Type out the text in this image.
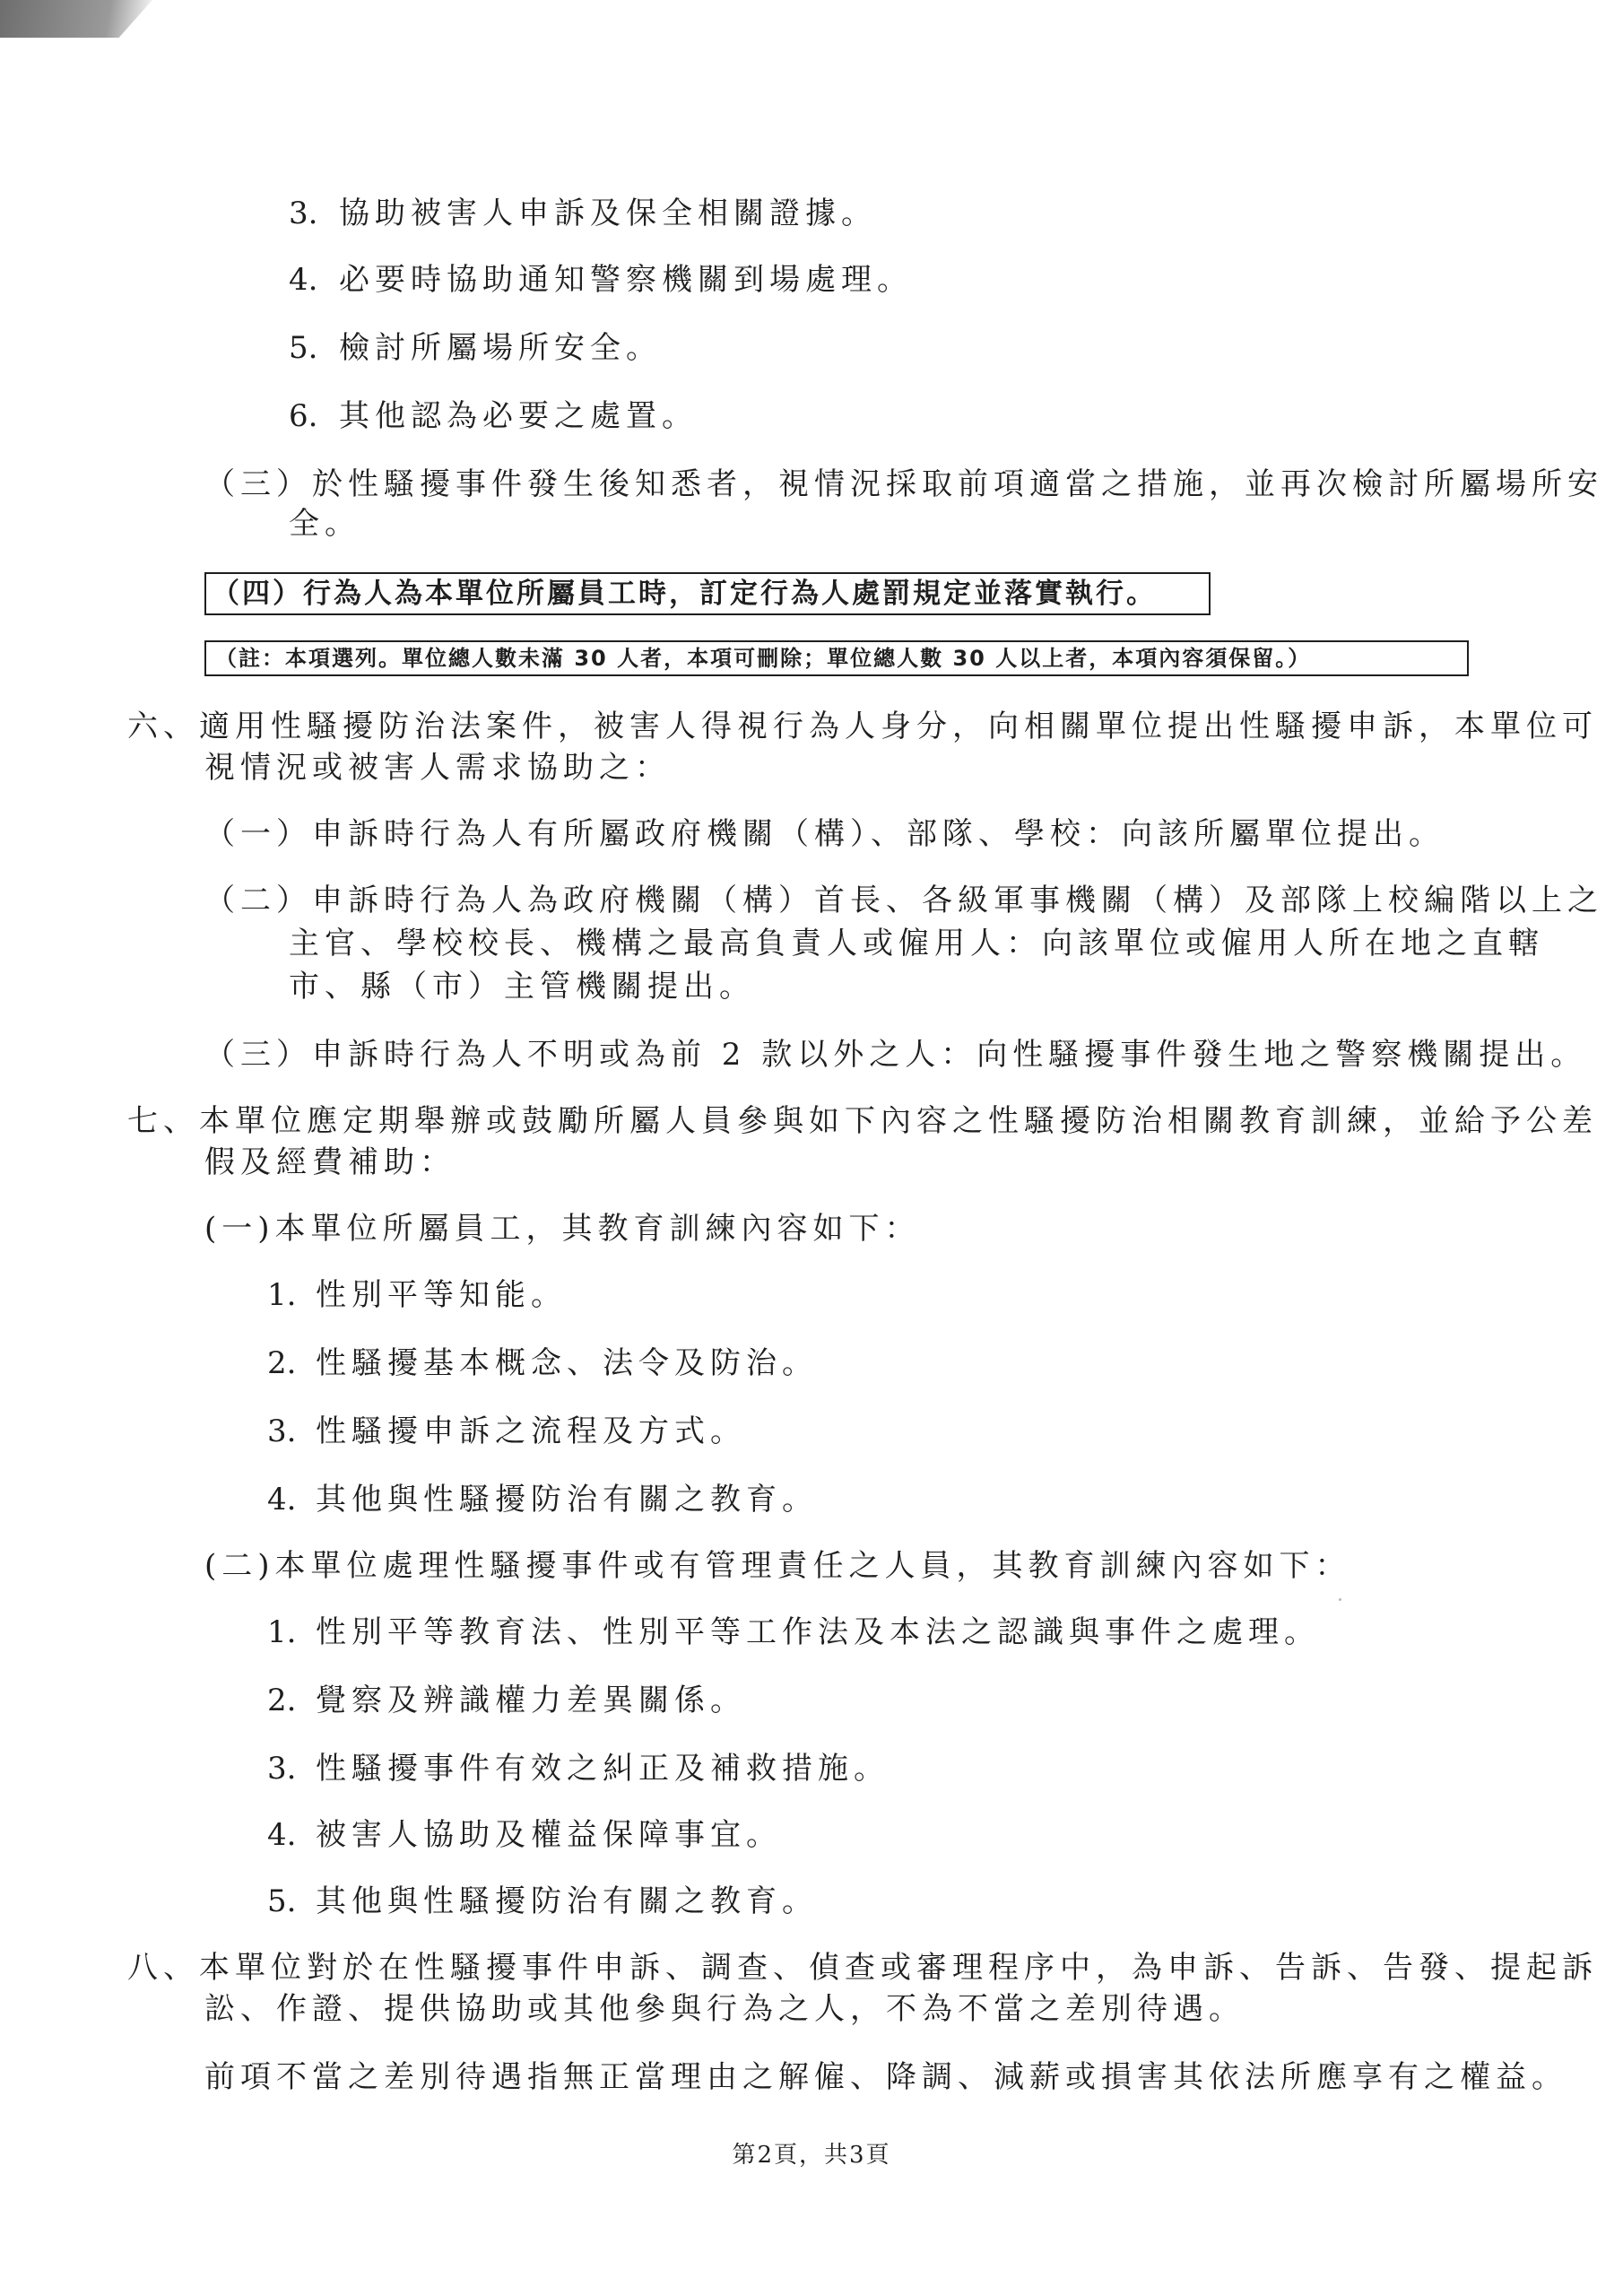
3. 協助被害人申訴及保全相關證據。
4. 必要時協助通知警察機關到場處理。
5. 檢討所屬場所安全。
6. 其他認為必要之處置。
（三）於性騷擾事件發生後知悉者，視情況採取前項適當之措施，並再次檢討所屬場所安
全。
（四）行為人為本單位所屬員工時，訂定行為人處罰規定並落實執行。
（註：本項選列。單位總人數未滿 30 人者，本項可刪除；單位總人數 30 人以上者，本項內容須保留。）
六、適用性騷擾防治法案件，被害人得視行為人身分，向相關單位提出性騷擾申訴，本單位可
視情況或被害人需求協助之：
（一）申訴時行為人有所屬政府機關（構）、部隊、學校：向該所屬單位提出。
（二）申訴時行為人為政府機關（構）首長、各級軍事機關（構）及部隊上校編階以上之
主官、學校校長、機構之最高負責人或僱用人：向該單位或僱用人所在地之直轄
市、縣（市）主管機關提出。
（三）申訴時行為人不明或為前 2 款以外之人：向性騷擾事件發生地之警察機關提出。
七、本單位應定期舉辦或鼓勵所屬人員參與如下內容之性騷擾防治相關教育訓練，並給予公差
假及經費補助：
(一)本單位所屬員工，其教育訓練內容如下：
1. 性別平等知能。
2. 性騷擾基本概念、法令及防治。
3. 性騷擾申訴之流程及方式。
4. 其他與性騷擾防治有關之教育。
(二)本單位處理性騷擾事件或有管理責任之人員，其教育訓練內容如下：
1. 性別平等教育法、性別平等工作法及本法之認識與事件之處理。
2. 覺察及辨識權力差異關係。
3. 性騷擾事件有效之糾正及補救措施。
4. 被害人協助及權益保障事宜。
5. 其他與性騷擾防治有關之教育。
八、本單位對於在性騷擾事件申訴、調查、偵查或審理程序中，為申訴、告訴、告發、提起訴
訟、作證、提供協助或其他參與行為之人，不為不當之差別待遇。
前項不當之差別待遇指無正當理由之解僱、降調、減薪或損害其依法所應享有之權益。
第2頁，共3頁
